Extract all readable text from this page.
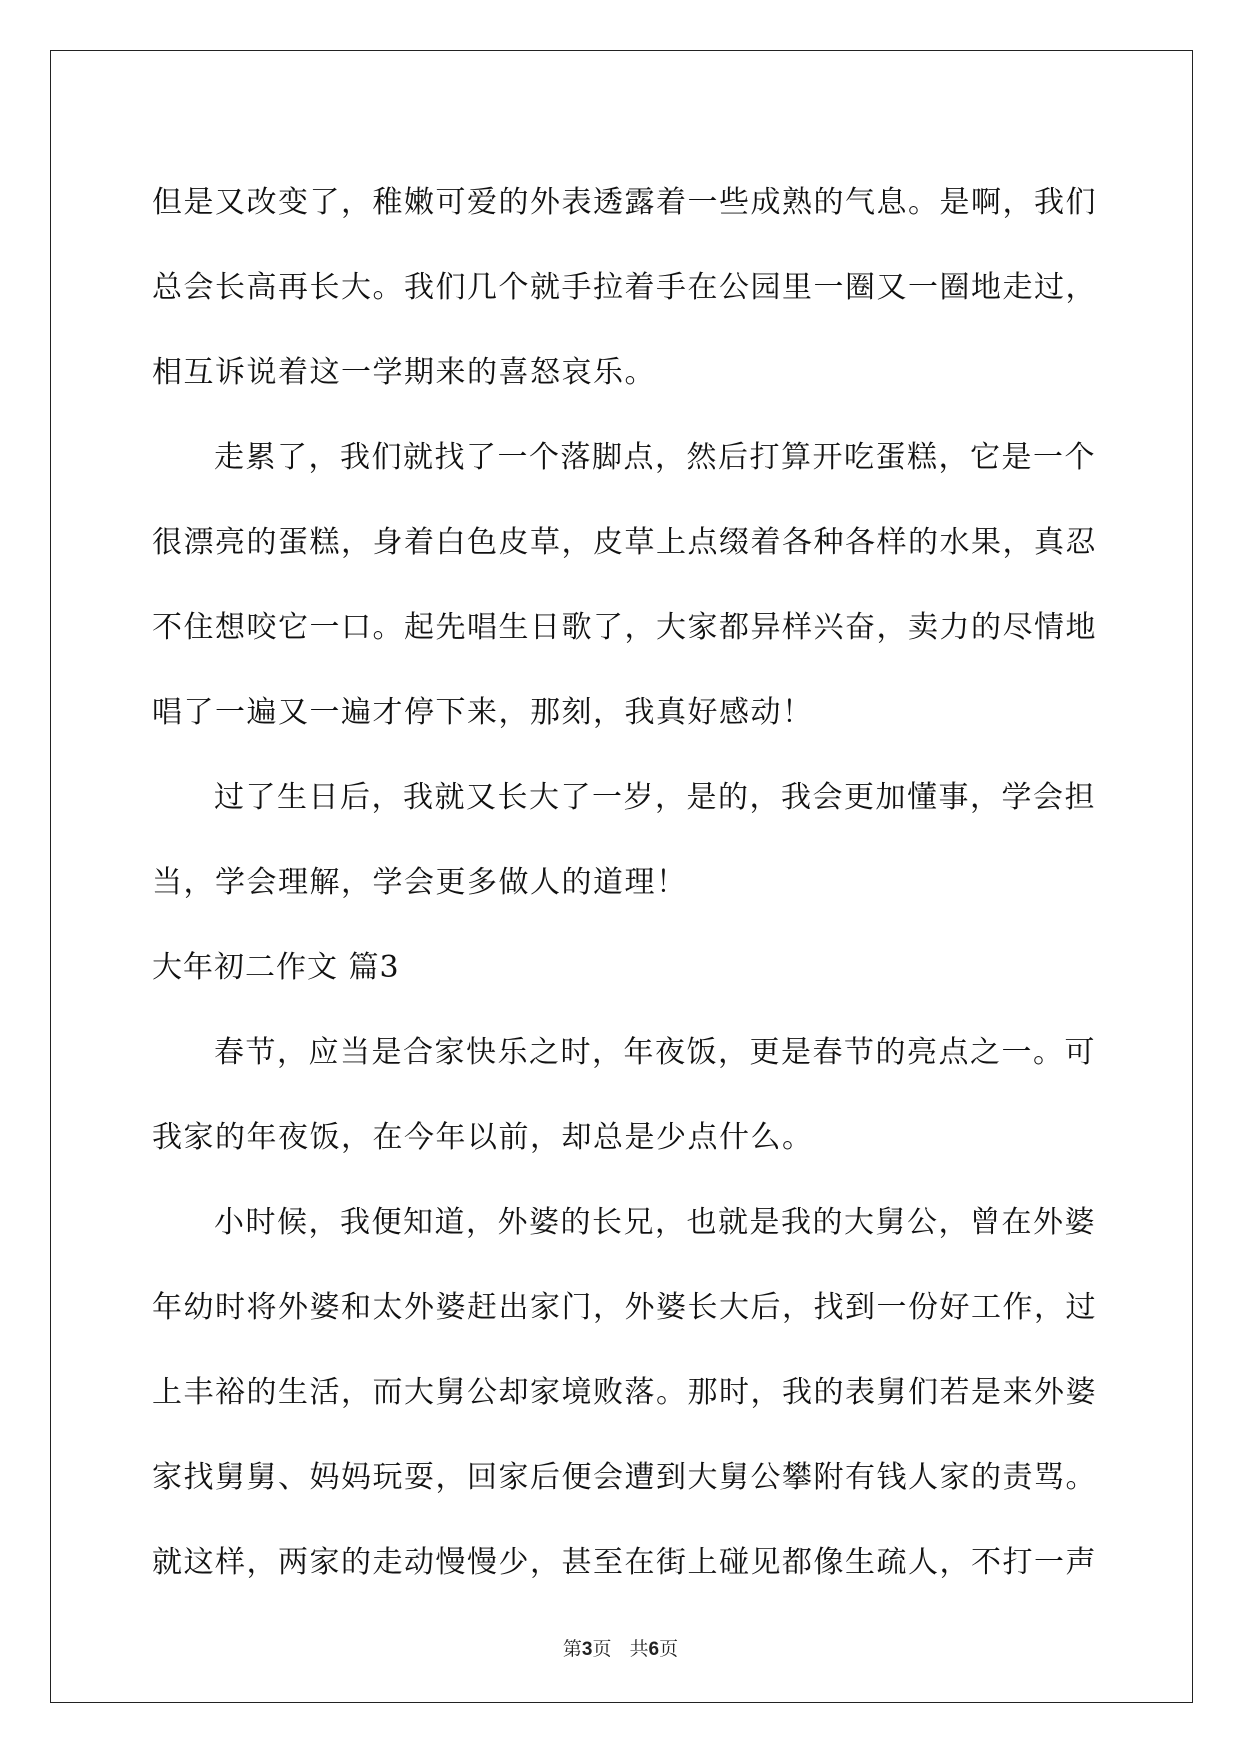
但是又改变了，稚嫩可爱的外表透露着一些成熟的气息。是啊，我们
总会长高再长大。我们几个就手拉着手在公园里一圈又一圈地走过，
相互诉说着这一学期来的喜怒哀乐。
走累了，我们就找了一个落脚点，然后打算开吃蛋糕，它是一个
很漂亮的蛋糕，身着白色皮草，皮草上点缀着各种各样的水果，真忍
不住想咬它一口。起先唱生日歌了，大家都异样兴奋，卖力的尽情地
唱了一遍又一遍才停下来，那刻，我真好感动！
过了生日后，我就又长大了一岁，是的，我会更加懂事，学会担
当，学会理解，学会更多做人的道理！
大年初二作文 篇3
春节，应当是合家快乐之时，年夜饭，更是春节的亮点之一。可
我家的年夜饭，在今年以前，却总是少点什么。
小时候，我便知道，外婆的长兄，也就是我的大舅公，曾在外婆
年幼时将外婆和太外婆赶出家门，外婆长大后，找到一份好工作，过
上丰裕的生活，而大舅公却家境败落。那时，我的表舅们若是来外婆
家找舅舅、妈妈玩耍，回家后便会遭到大舅公攀附有钱人家的责骂。
就这样，两家的走动慢慢少，甚至在街上碰见都像生疏人，不打一声
第3页 共6页
